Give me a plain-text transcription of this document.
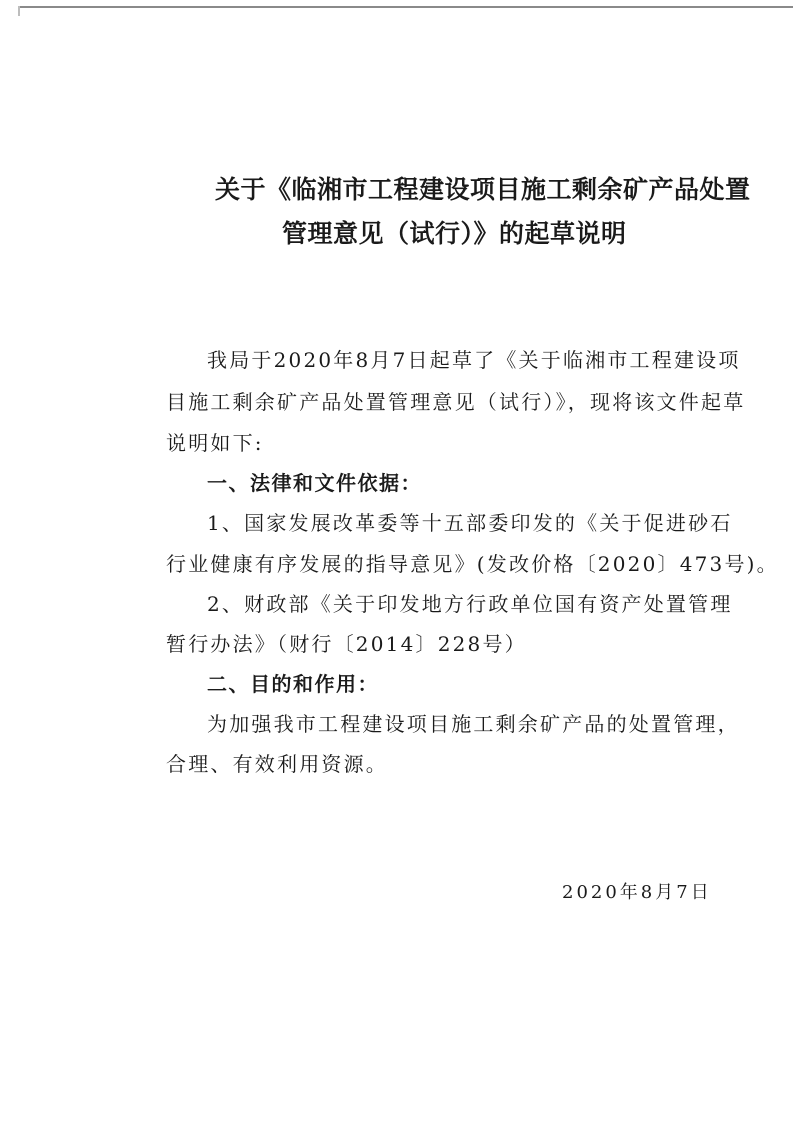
关于《临湘市工程建设项目施工剩余矿产品处置
管理意见（试行）》的起草说明
我局于2020年8月7日起草了《关于临湘市工程建设项
目施工剩余矿产品处置管理意见（试行）》，现将该文件起草
说明如下:
一、法律和文件依据：
1、国家发展改革委等十五部委印发的《关于促进砂石
行业健康有序发展的指导意见》(发改价格〔2020〕473号)。
2、财政部《关于印发地方行政单位国有资产处置管理
暂行办法》（财行〔2014〕228号）
二、目的和作用：
为加强我市工程建设项目施工剩余矿产品的处置管理，
合理、有效利用资源。
2020年8月7日
